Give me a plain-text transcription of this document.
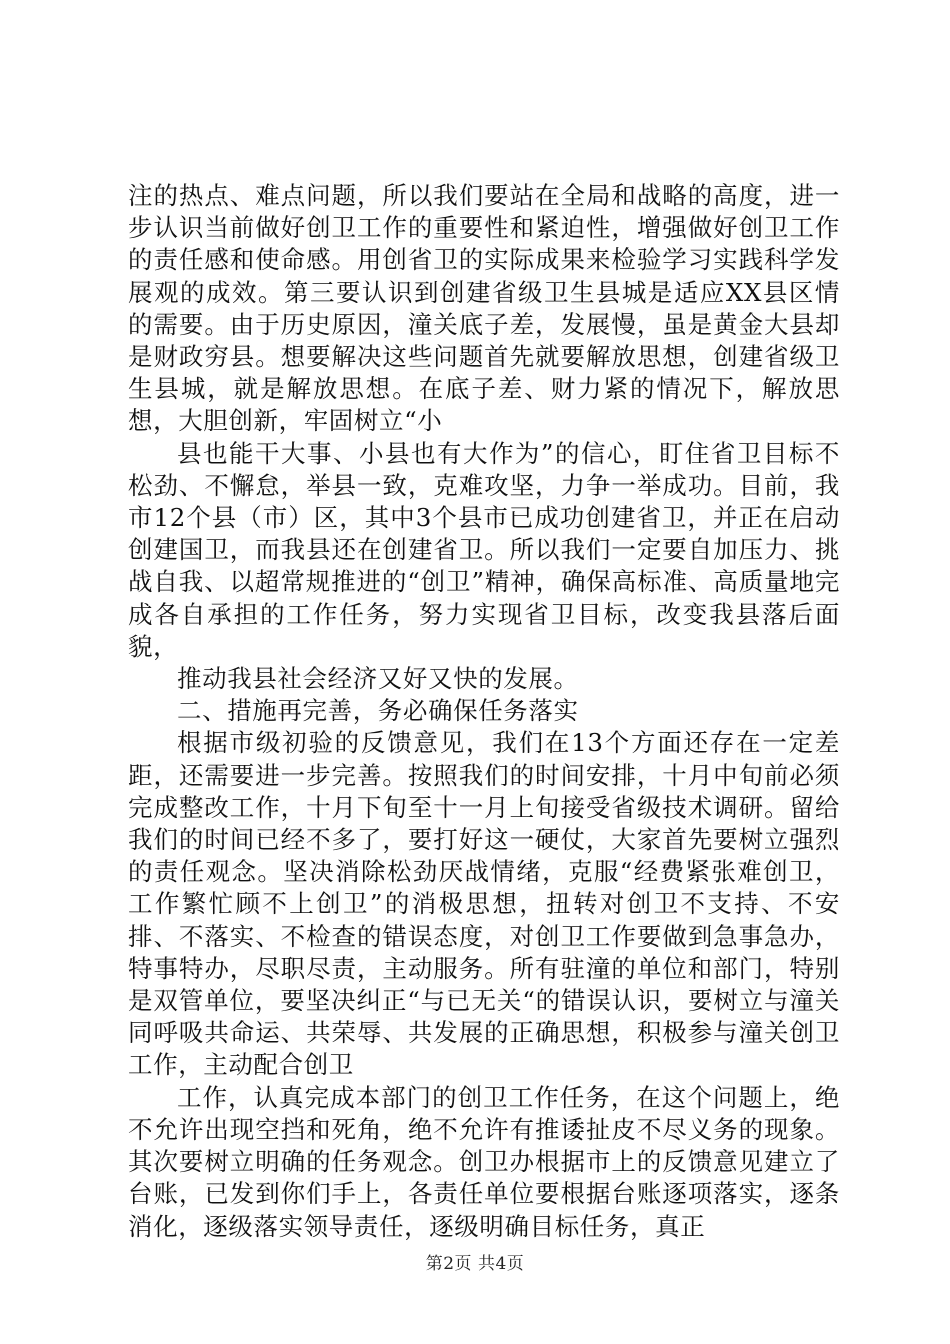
注的热点、难点问题，所以我们要站在全局和战略的高度，进一步认识当前做好创卫工作的重要性和紧迫性，增强做好创卫工作的责任感和使命感。用创省卫的实际成果来检验学习实践科学发展观的成效。第三要认识到创建省级卫生县城是适应XX县区情的需要。由于历史原因，潼关底子差，发展慢，虽是黄金大县却是财政穷县。想要解决这些问题首先就要解放思想，创建省级卫生县城，就是解放思想。在底子差、财力紧的情况下，解放思想，大胆创新，牢固树立“小

县也能干大事、小县也有大作为”的信心，盯住省卫目标不松劲、不懈怠，举县一致，克难攻坚，力争一举成功。目前，我市12个县（市）区，其中3个县市已成功创建省卫，并正在启动创建国卫，而我县还在创建省卫。所以我们一定要自加压力、挑战自我、以超常规推进的“创卫”精神，确保高标准、高质量地完成各自承担的工作任务，努力实现省卫目标，改变我县落后面貌，

推动我县社会经济又好又快的发展。

二、措施再完善，务必确保任务落实

根据市级初验的反馈意见，我们在13个方面还存在一定差距，还需要进一步完善。按照我们的时间安排，十月中旬前必须完成整改工作，十月下旬至十一月上旬接受省级技术调研。留给我们的时间已经不多了，要打好这一硬仗，大家首先要树立强烈的责任观念。坚决消除松劲厌战情绪，克服“经费紧张难创卫，工作繁忙顾不上创卫”的消极思想，扭转对创卫不支持、不安排、不落实、不检查的错误态度，对创卫工作要做到急事急办，特事特办，尽职尽责，主动服务。所有驻潼的单位和部门，特别是双管单位，要坚决纠正“与已无关“的错误认识，要树立与潼关同呼吸共命运、共荣辱、共发展的正确思想，积极参与潼关创卫工作，主动配合创卫

工作，认真完成本部门的创卫工作任务，在这个问题上，绝不允许出现空挡和死角，绝不允许有推诿扯皮不尽义务的现象。其次要树立明确的任务观念。创卫办根据市上的反馈意见建立了台账，已发到你们手上，各责任单位要根据台账逐项落实，逐条消化，逐级落实领导责任，逐级明确目标任务，真正

第2页 共4页
